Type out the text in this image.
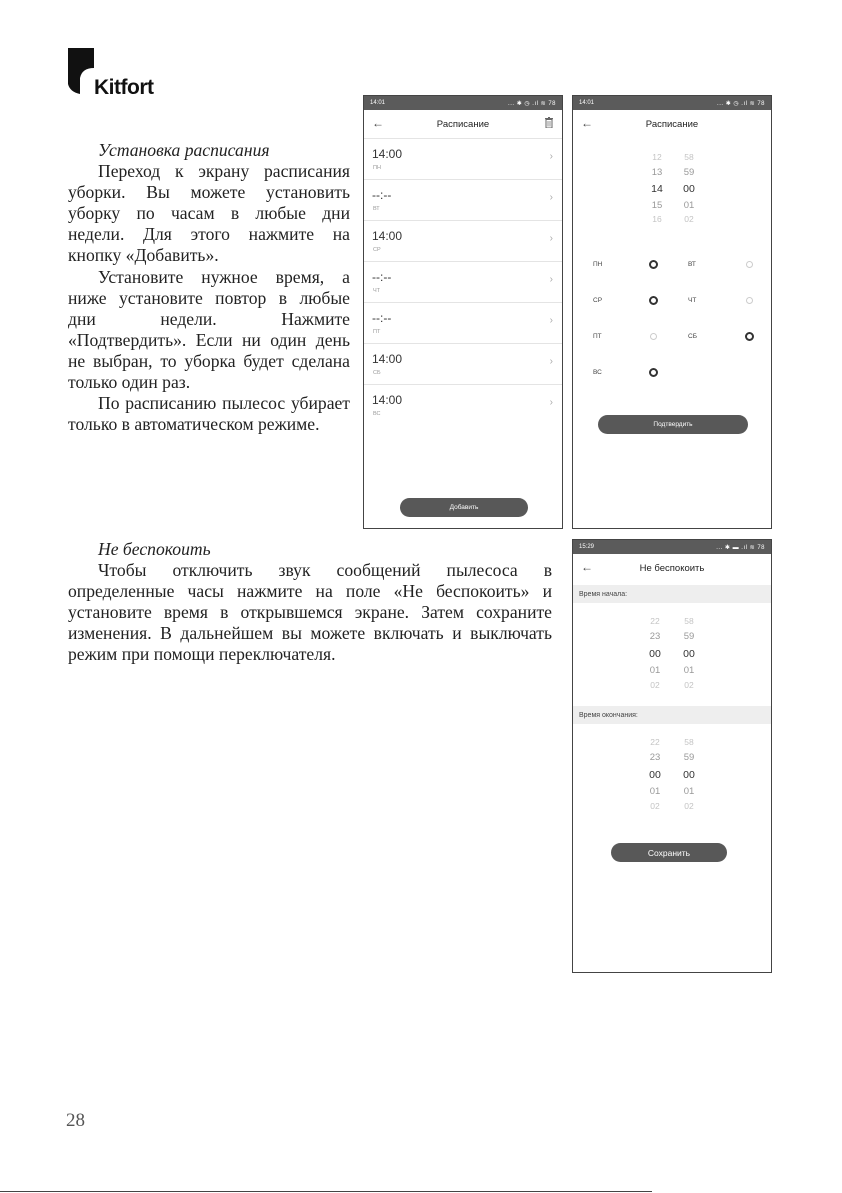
Kitfort

Установка расписания

Переход к экрану расписания уборки. Вы можете установить уборку по часам в любые дни недели. Для этого нажмите на кнопку «Добавить».

Установите нужное время, а ниже установите повтор в любые дни недели. Нажмите «Подтвердить». Если ни один день не выбран, то уборка будет сделана только один раз.

По расписанию пылесос убирает только в автоматическом режиме.

Не беспокоить

Чтобы отключить звук сообщений пылесоса в определенные часы нажмите на поле «Не беспокоить» и установите время в открывшемся экране. Затем сохраните изменения. В дальнейшем вы можете включать и выключать режим при помощи переключателя.

14:01	... ✱ ◷ .ıl ≋ 78
←	Расписание
14:00
ПН
›
--:--
ВТ
›
14:00
СР
›
--:--
ЧТ
›
--:--
ПТ
›
14:00
СБ
›
14:00
ВС
›
Добавить
14:01	... ✱ ◷ .ıl ≋ 78
←	Расписание
12	58
13	59
14	00
15	01
16	02
ПН	ВТ
СР	ЧТ
ПТ	СБ
ВС
Подтвердить
15:29	... ✱ ▬ .ıl ≋ 78
←	Не беспокоить
Время начала:
22	58
23	59
00	00
01	01
02	02
Время окончания:
22	58
23	59
00	00
01	01
02	02
Сохранить
28
